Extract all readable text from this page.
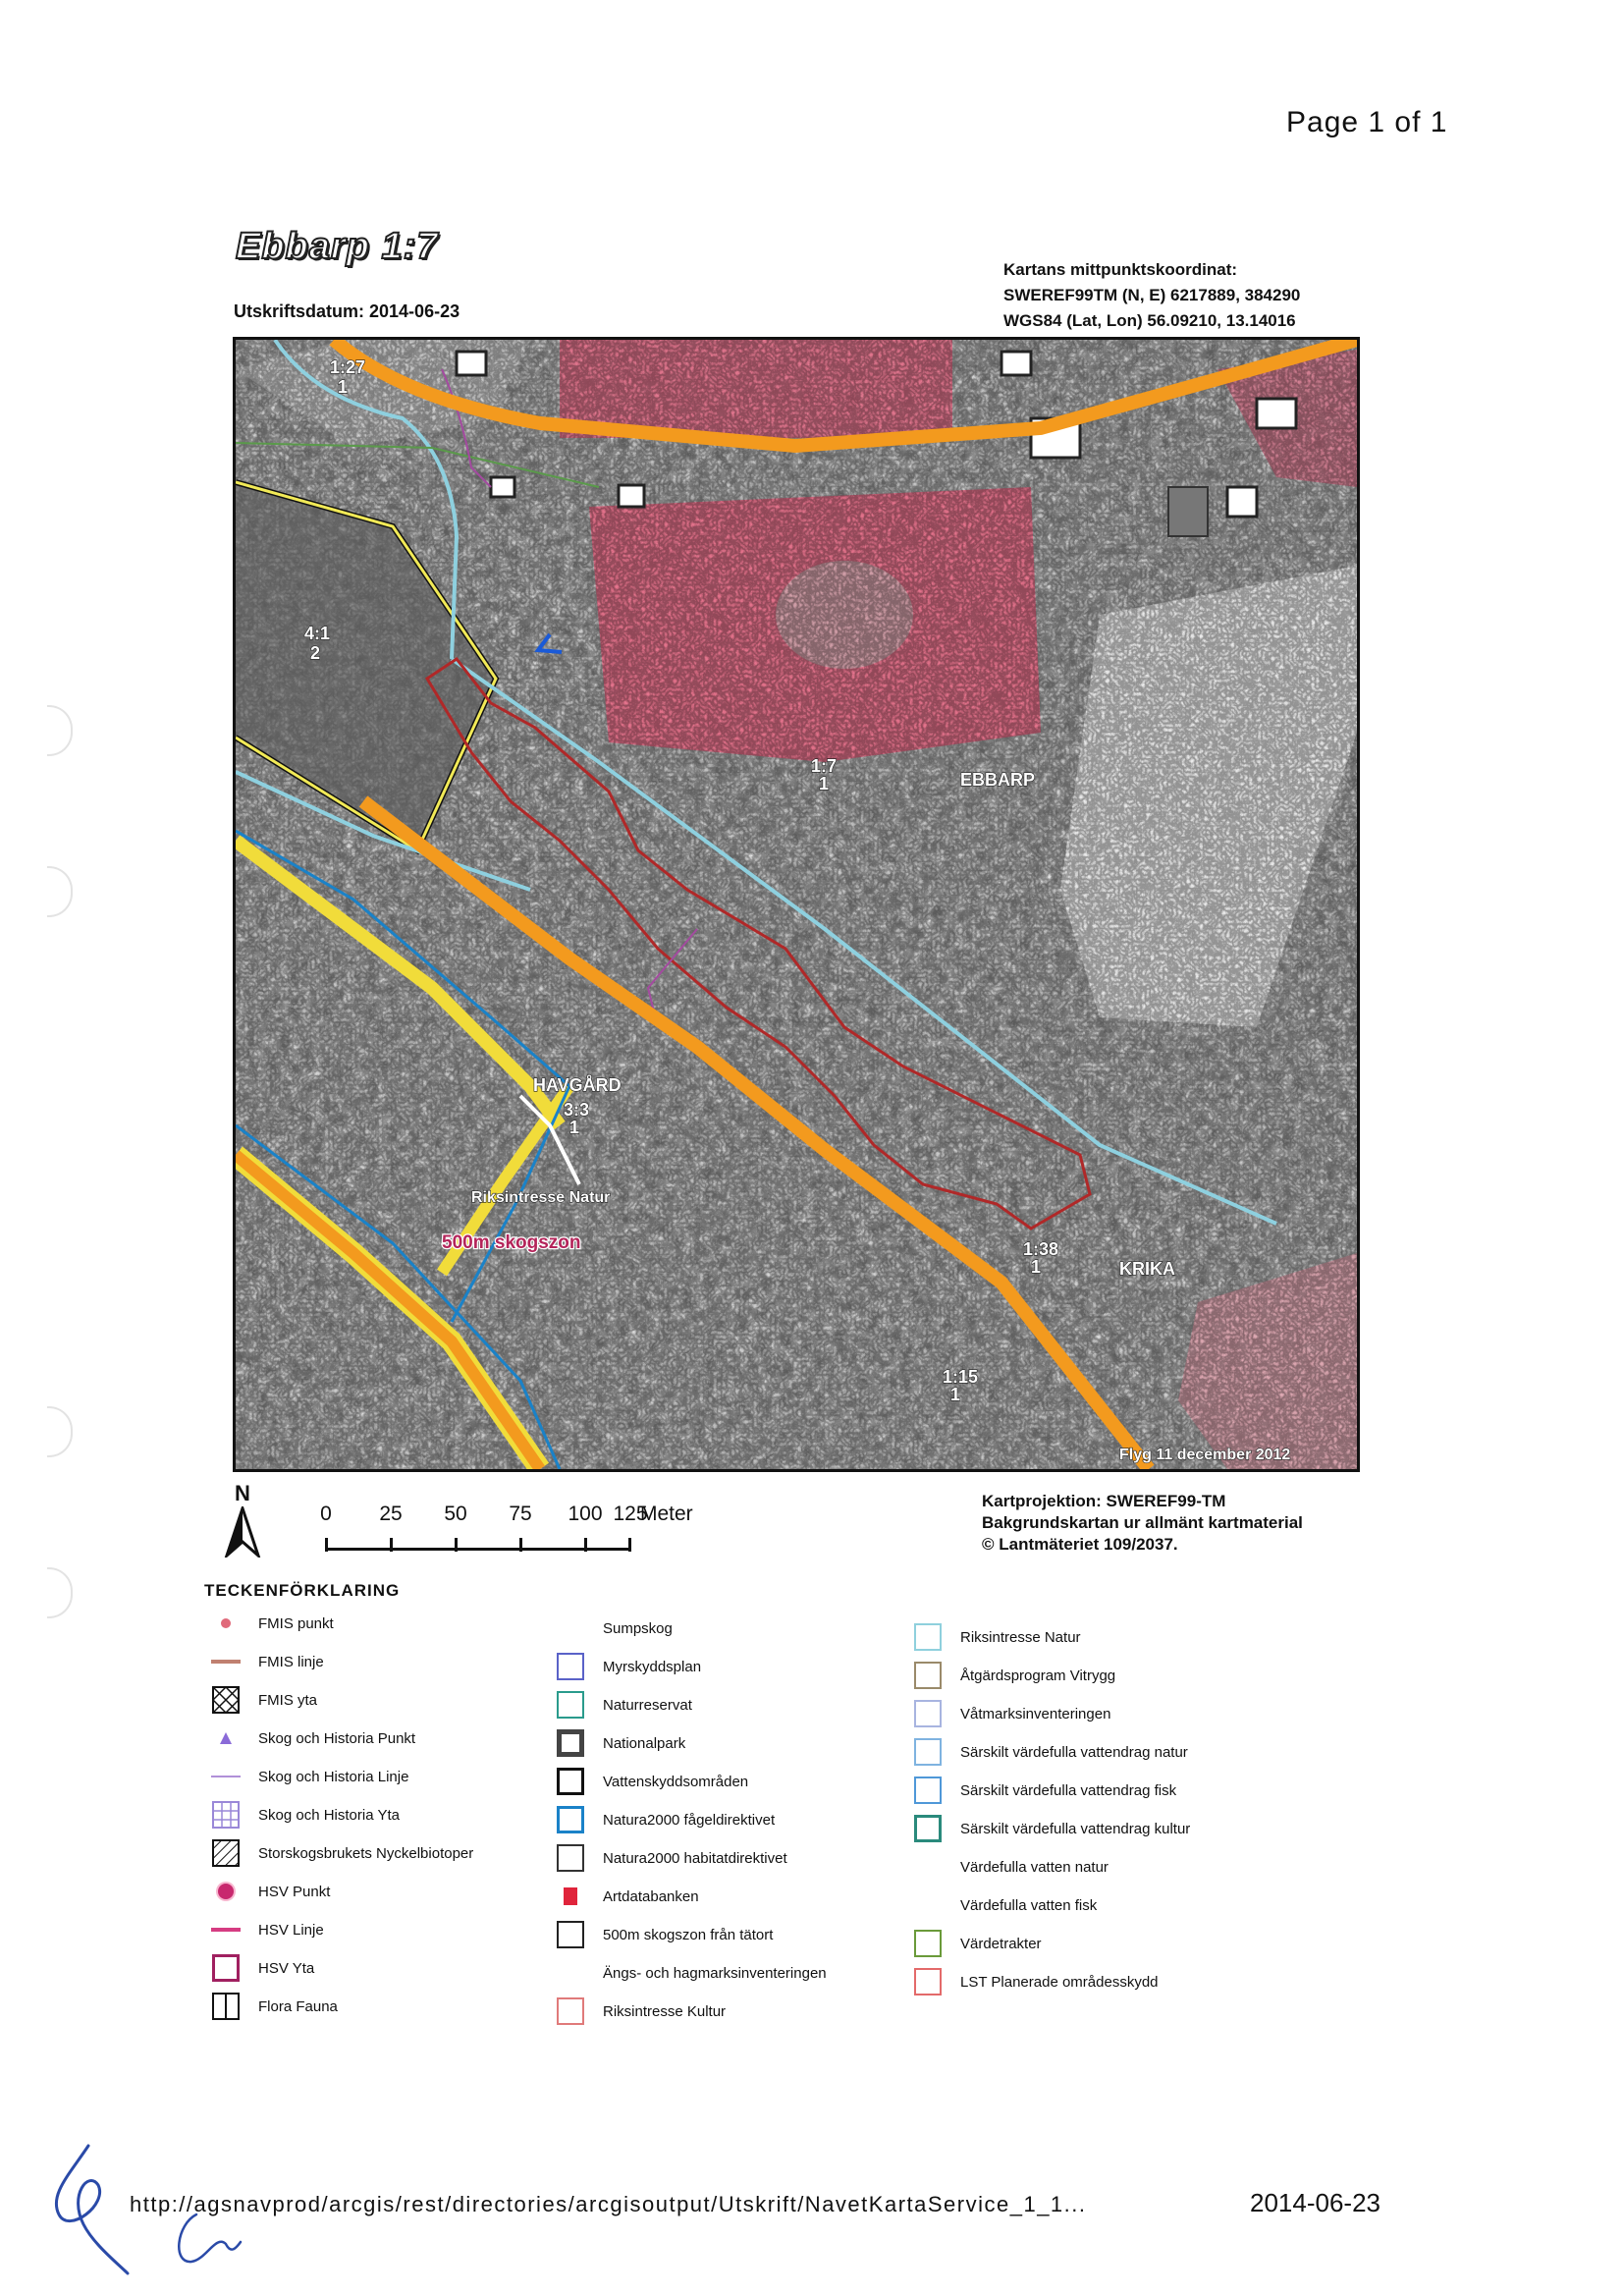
Page 1 of 1
Ebbarp 1:7
Utskriftsdatum: 2014-06-23
Kartans mittpunktskoordinat:
SWEREF99TM (N, E) 6217889, 384290
WGS84 (Lat, Lon) 56.09210, 13.14016
1:27
1
4:1
2
1:7
1	EBBARP
HAVGÅRD
3:3
1
1:38
1	KRIKA
1:15
1
Riksintresse Natur
500m skogszon
Flyg 11 december 2012
N
0 25 50 75 100 125
Meter
Kartprojektion: SWEREF99-TM
Bakgrundskartan ur allmänt kartmaterial
© Lantmäteriet 109/2037.
TECKENFÖRKLARING
FMIS punkt
FMIS linje
FMIS yta
Skog och Historia Punkt
Skog och Historia Linje
Skog och Historia Yta
Storskogsbrukets Nyckelbiotoper
HSV Punkt
HSV Linje
HSV Yta
Flora Fauna
Sumpskog
Myrskyddsplan
Naturreservat
Nationalpark
Vattenskyddsområden
Natura2000 fågeldirektivet
Natura2000 habitatdirektivet
Artdatabanken
500m skogszon från tätort
Ängs- och hagmarksinventeringen
Riksintresse Kultur
Riksintresse Natur
Åtgärdsprogram Vitrygg
Våtmarksinventeringen
Särskilt värdefulla vattendrag natur
Särskilt värdefulla vattendrag fisk
Särskilt värdefulla vattendrag kultur
Värdefulla vatten natur
Värdefulla vatten fisk
Värdetrakter
LST Planerade områdesskydd
http://agsnavprod/arcgis/rest/directories/arcgisoutput/Utskrift/NavetKartaService_1_1...	2014-06-23
